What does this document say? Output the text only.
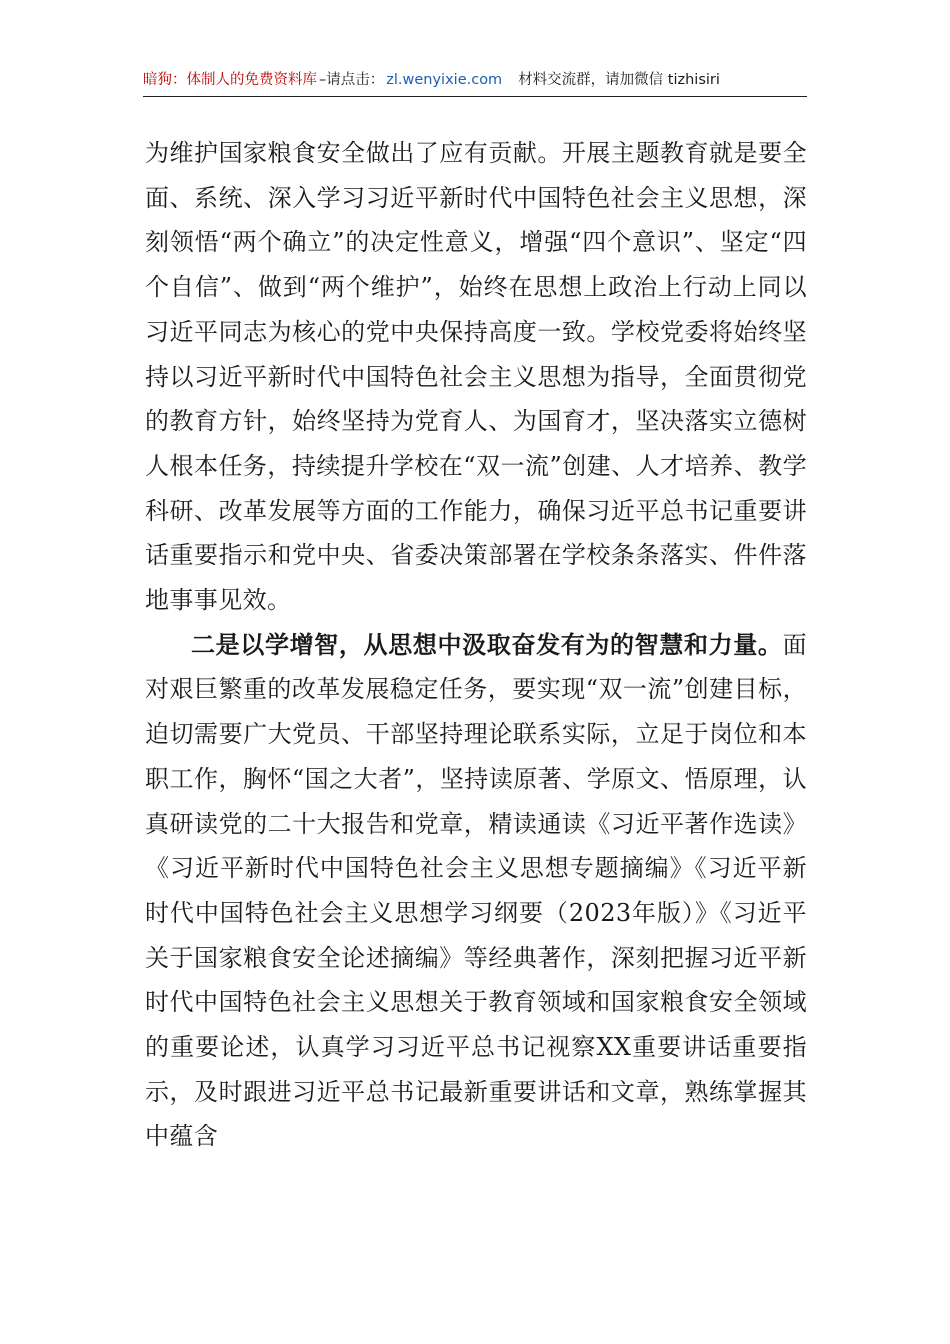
暗狗：体制人的免费资料库 –请点击： zl.wenyixie.com 材料交流群，请加微信 tizhisiri

为维护国家粮食安全做出了应有贡献。开展主题教育就是要全面、系统、深入学习习近平新时代中国特色社会主义思想，深刻领悟“两个确立”的决定性意义，增强“四个意识”、坚定“四个自信”、做到“两个维护”，始终在思想上政治上行动上同以习近平同志为核心的党中央保持高度一致。学校党委将始终坚持以习近平新时代中国特色社会主义思想为指导，全面贯彻党的教育方针，始终坚持为党育人、为国育才，坚决落实立德树人根本任务，持续提升学校在“双一流”创建、人才培养、教学科研、改革发展等方面的工作能力，确保习近平总书记重要讲话重要指示和党中央、省委决策部署在学校条条落实、件件落地事事见效。

二是以学增智，从思想中汲取奋发有为的智慧和力量。面对艰巨繁重的改革发展稳定任务，要实现“双一流”创建目标，迫切需要广大党员、干部坚持理论联系实际，立足于岗位和本职工作，胸怀“国之大者”，坚持读原著、学原文、悟原理，认真研读党的二十大报告和党章，精读通读《习近平著作选读》《习近平新时代中国特色社会主义思想专题摘编》《习近平新时代中国特色社会主义思想学习纲要（2023年版）》《习近平关于国家粮食安全论述摘编》等经典著作，深刻把握习近平新时代中国特色社会主义思想关于教育领域和国家粮食安全领域的重要论述，认真学习习近平总书记视察XX重要讲话重要指示，及时跟进习近平总书记最新重要讲话和文章，熟练掌握其中蕴含
